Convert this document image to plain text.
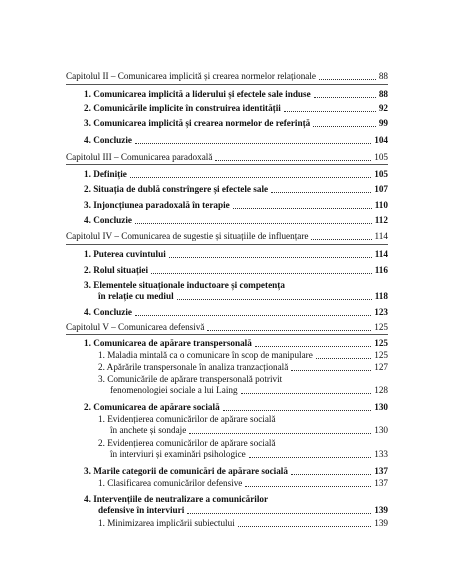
Capitolul II – Comunicarea implicită și crearea normelor relaționale	88
1. Comunicarea implicită a liderului și efectele sale induse	88
2. Comunicările implicite în construirea identității	92
3. Comunicarea implicită și crearea normelor de referință	99
4. Concluzie	104
Capitolul III – Comunicarea paradoxală	105
1. Definiție	105
2. Situația de dublă constrîngere și efectele sale	107
3. Injoncțiunea paradoxală în terapie	110
4. Concluzie	112
Capitolul IV – Comunicarea de sugestie și situațiile de influențare	114
1. Puterea cuvintului	114
2. Rolul situației	116
3. Elementele situaționale inductoare și competența
în relație cu mediul	118
4. Concluzie	123
Capitolul V – Comunicarea defensivă	125
1. Comunicarea de apărare transpersonală	125
1. Maladia mintală ca o comunicare în scop de manipulare	125
2. Apărările transpersonale în analiza tranzacțională	127
3. Comunicările de apărare transpersonală potrivit
fenomenologiei sociale a lui Laing	128
2. Comunicarea de apărare socială	130
1. Evidențierea comunicărilor de apărare socială
în anchete și sondaje	130
2. Evidențierea comunicărilor de apărare socială
în interviuri și examinări psihologice	133
3. Marile categorii de comunicări de apărare socială	137
1. Clasificarea comunicărilor defensive	137
4. Intervențiile de neutralizare a comunicărilor
defensive în interviuri	139
1. Minimizarea implicării subiectului	139
